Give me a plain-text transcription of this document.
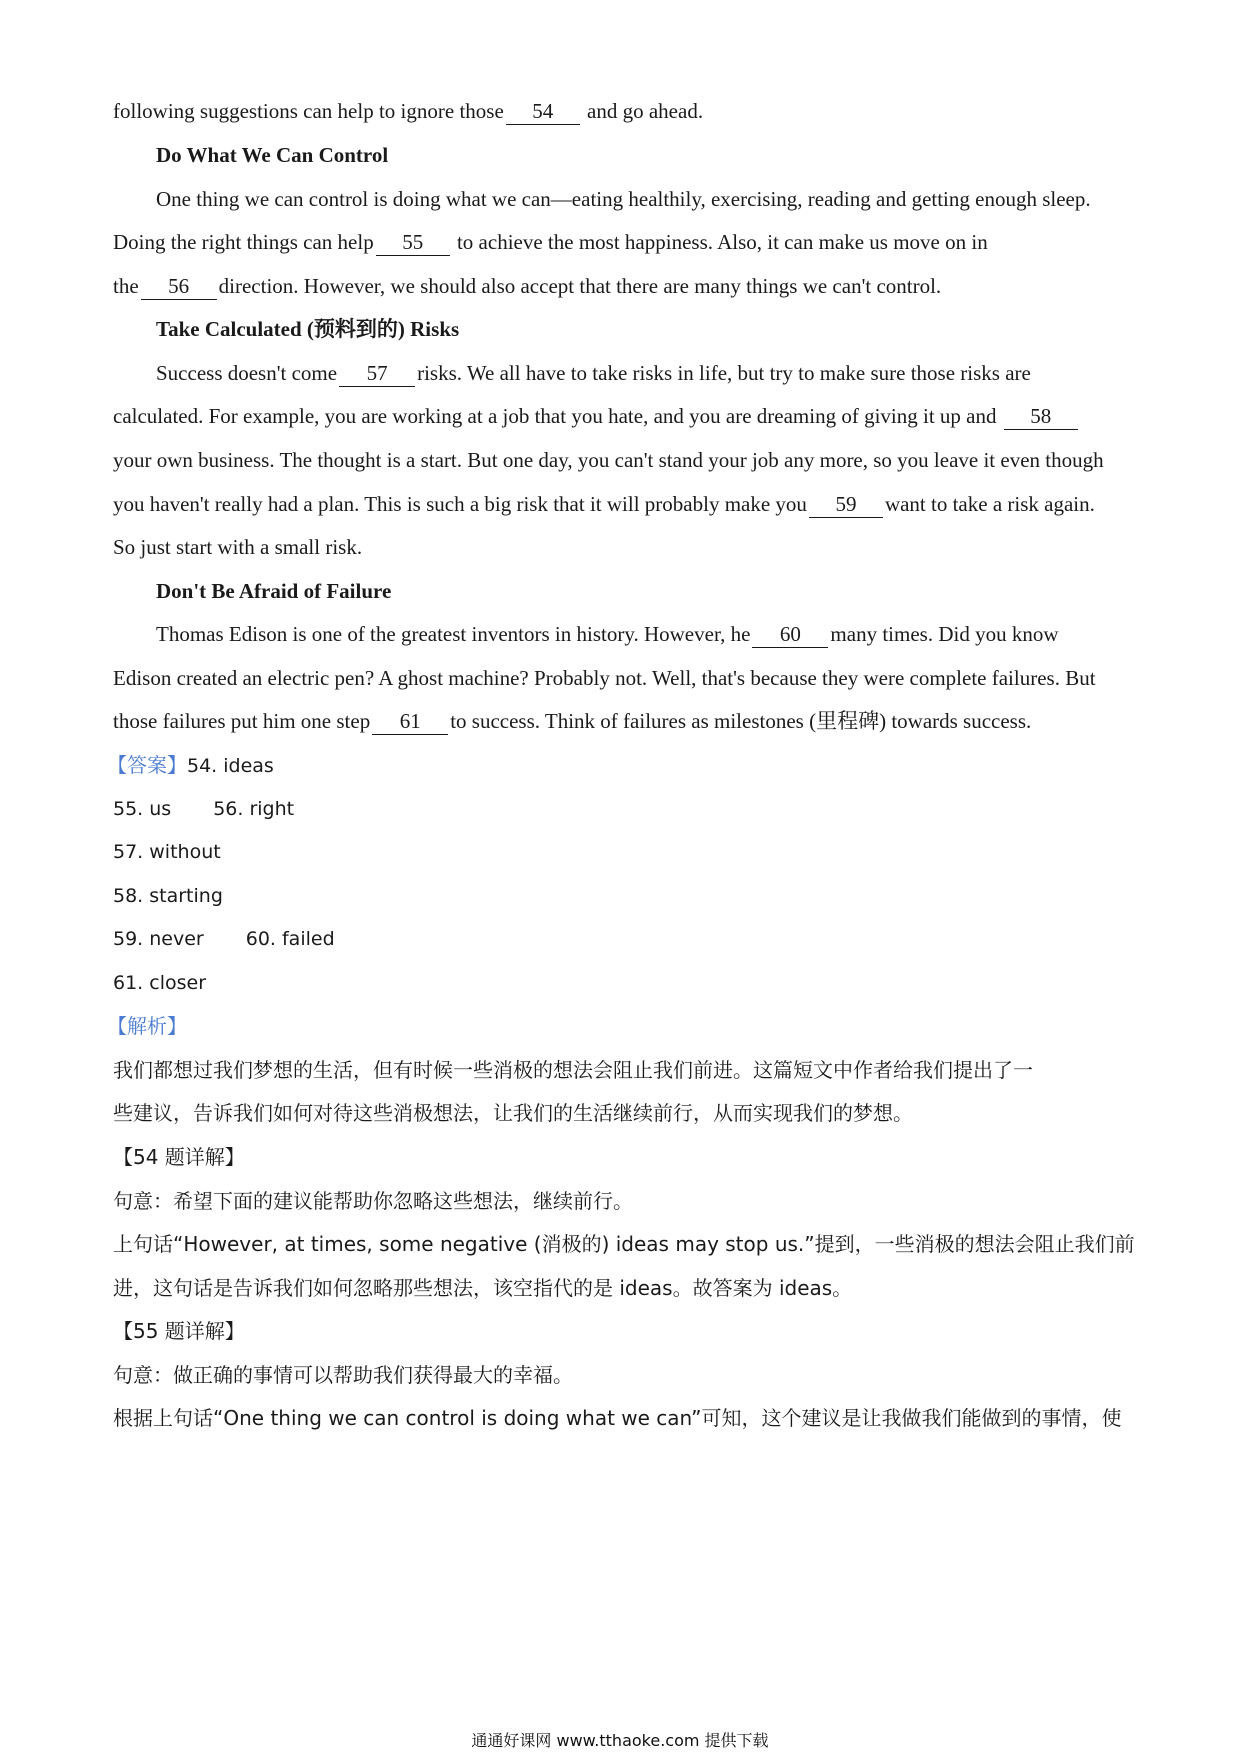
following suggestions can help to ignore those 54 and go ahead.
Do What We Can Control
One thing we can control is doing what we can—eating healthily, exercising, reading and getting enough sleep.
Doing the right things can help 55 to achieve the most happiness. Also, it can make us move on in
the 56 direction. However, we should also accept that there are many things we can't control.
Take Calculated (预料到的) Risks
Success doesn't come 57 risks. We all have to take risks in life, but try to make sure those risks are
calculated. For example, you are working at a job that you hate, and you are dreaming of giving it up and 58
your own business. The thought is a start. But one day, you can't stand your job any more, so you leave it even though
you haven't really had a plan. This is such a big risk that it will probably make you 59 want to take a risk again.
So just start with a small risk.
Don't Be Afraid of Failure
Thomas Edison is one of the greatest inventors in history. However, he 60 many times. Did you know
Edison created an electric pen? A ghost machine? Probably not. Well, that's because they were complete failures. But
those failures put him one step 61 to success. Think of failures as milestones (里程碑) towards success.
【答案】54. ideas
55. us 56. right
57. without
58. starting
59. never 60. failed
61. closer
【解析】
我们都想过我们梦想的生活，但有时候一些消极的想法会阻止我们前进。这篇短文中作者给我们提出了一
些建议，告诉我们如何对待这些消极想法，让我们的生活继续前行，从而实现我们的梦想。
【54 题详解】
句意：希望下面的建议能帮助你忽略这些想法，继续前行。
上句话“However, at times, some negative (消极的) ideas may stop us.”提到，一些消极的想法会阻止我们前
进，这句话是告诉我们如何忽略那些想法，该空指代的是 ideas。故答案为 ideas。
【55 题详解】
句意：做正确的事情可以帮助我们获得最大的幸福。
根据上句话“One thing we can control is doing what we can”可知，这个建议是让我做我们能做到的事情，使
通通好课网 www.tthaoke.com 提供下载
